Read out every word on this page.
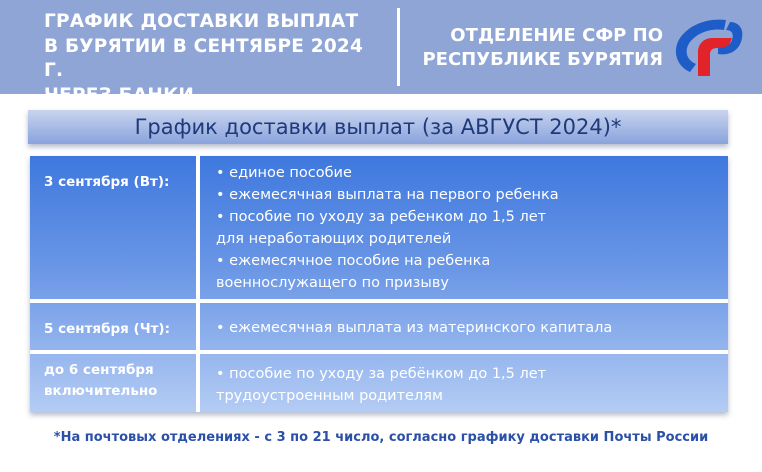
ГРАФИК ДОСТАВКИ ВЫПЛАТ
В БУРЯТИИ В СЕНТЯБРЕ 2024 Г.
ЧЕРЕЗ БАНКИ
ОТДЕЛЕНИЕ СФР ПО
РЕСПУБЛИКЕ БУРЯТИЯ
График доставки выплат (за АВГУСТ 2024)*
3 сентября (Вт):
• единое пособие
• ежемесячная выплата на первого ребенка
• пособие по уходу за ребенком до 1,5 лет
для неработающих родителей
• ежемесячное пособие на ребенка
военнослужащего по призыву
5 сентября (Чт):	• ежемесячная выплата из материнского капитала
до 6 сентября
включительно
• пособие по уходу за ребёнком до 1,5 лет
трудоустроенным родителям
*На почтовых отделениях - с 3 по 21 число, согласно графику доставки Почты России
